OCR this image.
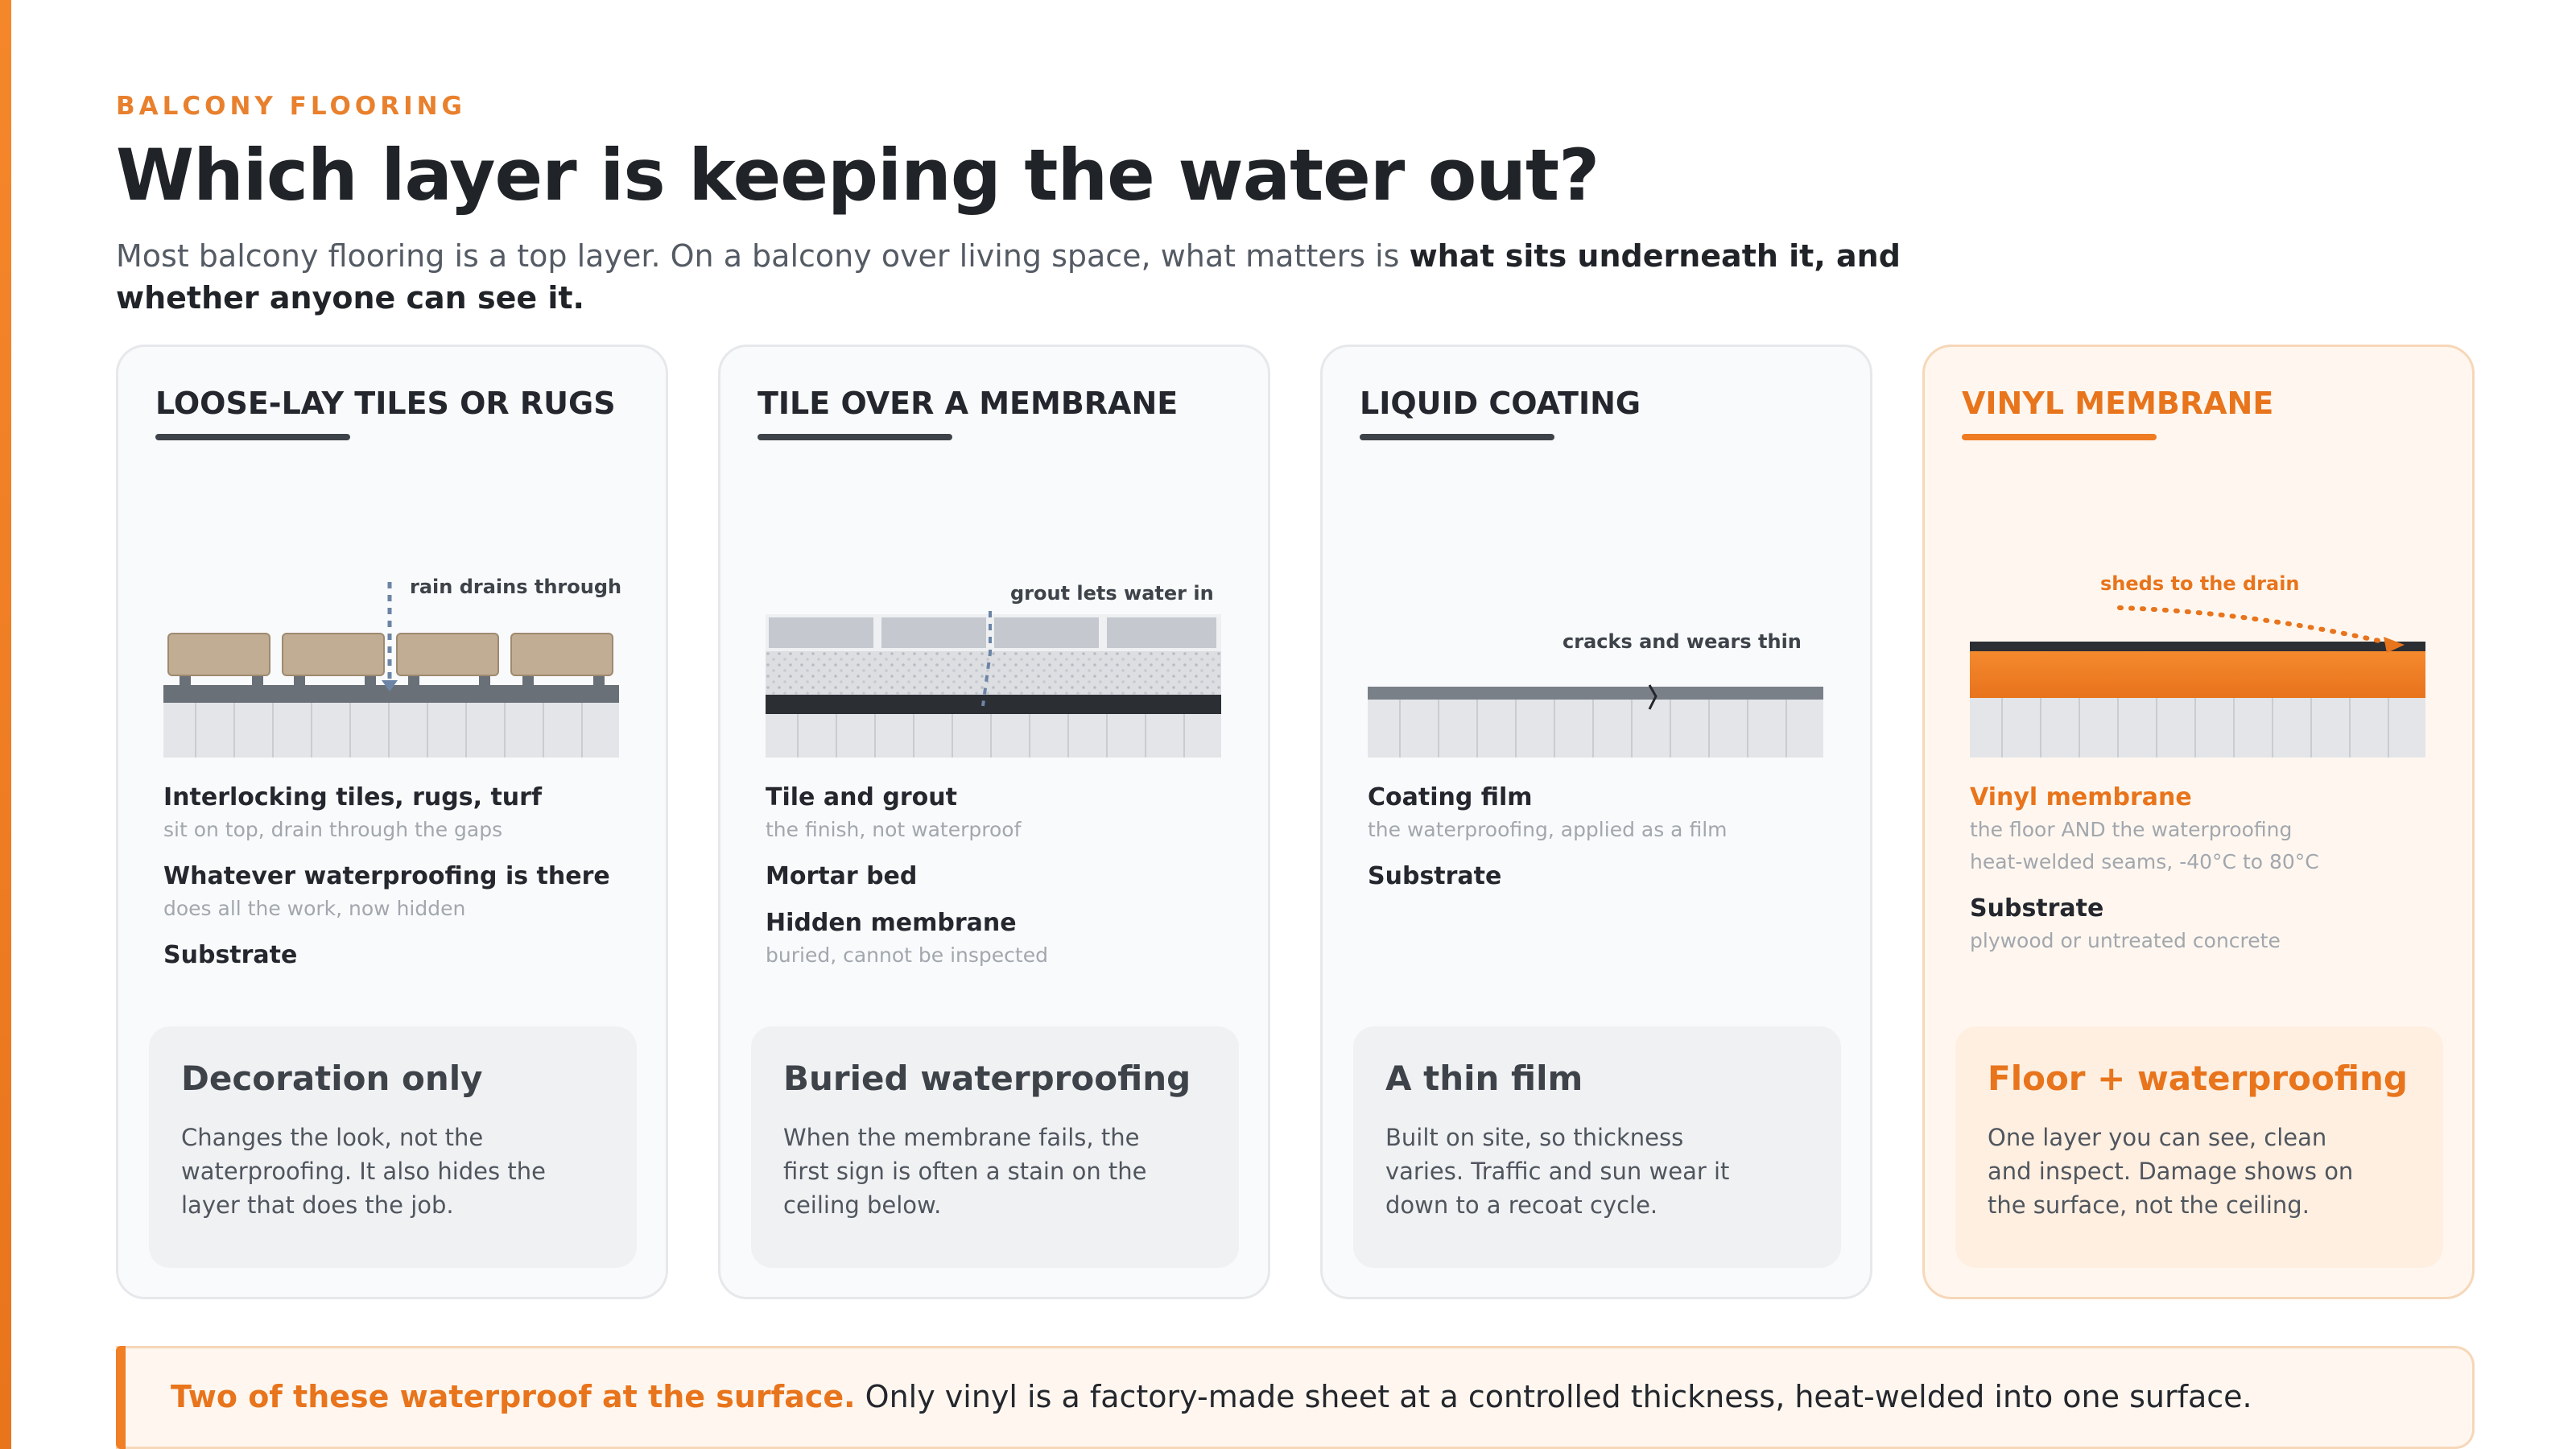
BALCONY FLOORING
Which layer is keeping the water out?

Most balcony flooring is a top layer. On a balcony over living space, what matters is what sits underneath it, and whether anyone can see it.

LOOSE-LAY TILES OR RUGS
rain drains through
Interlocking tiles, rugs, turf
sit on top, drain through the gaps
Whatever waterproofing is there
does all the work, now hidden
Substrate
Decoration only
Changes the look, not the waterproofing. It also hides the layer that does the job.
TILE OVER A MEMBRANE
grout lets water in
Tile and grout
the finish, not waterproof
Mortar bed
Hidden membrane
buried, cannot be inspected
Buried waterproofing
When the membrane fails, the first sign is often a stain on the ceiling below.
LIQUID COATING
cracks and wears thin
Coating film
the waterproofing, applied as a film
Substrate
A thin film
Built on site, so thickness varies. Traffic and sun wear it down to a recoat cycle.
VINYL MEMBRANE
sheds to the drain
Vinyl membrane
the floor AND the waterproofing
heat-welded seams, -40°C to 80°C
Substrate
plywood or untreated concrete
Floor + waterproofing
One layer you can see, clean and inspect. Damage shows on the surface, not the ceiling.
Two of these waterproof at the surface. Only vinyl is a factory-made sheet at a controlled thickness, heat-welded into one surface.
